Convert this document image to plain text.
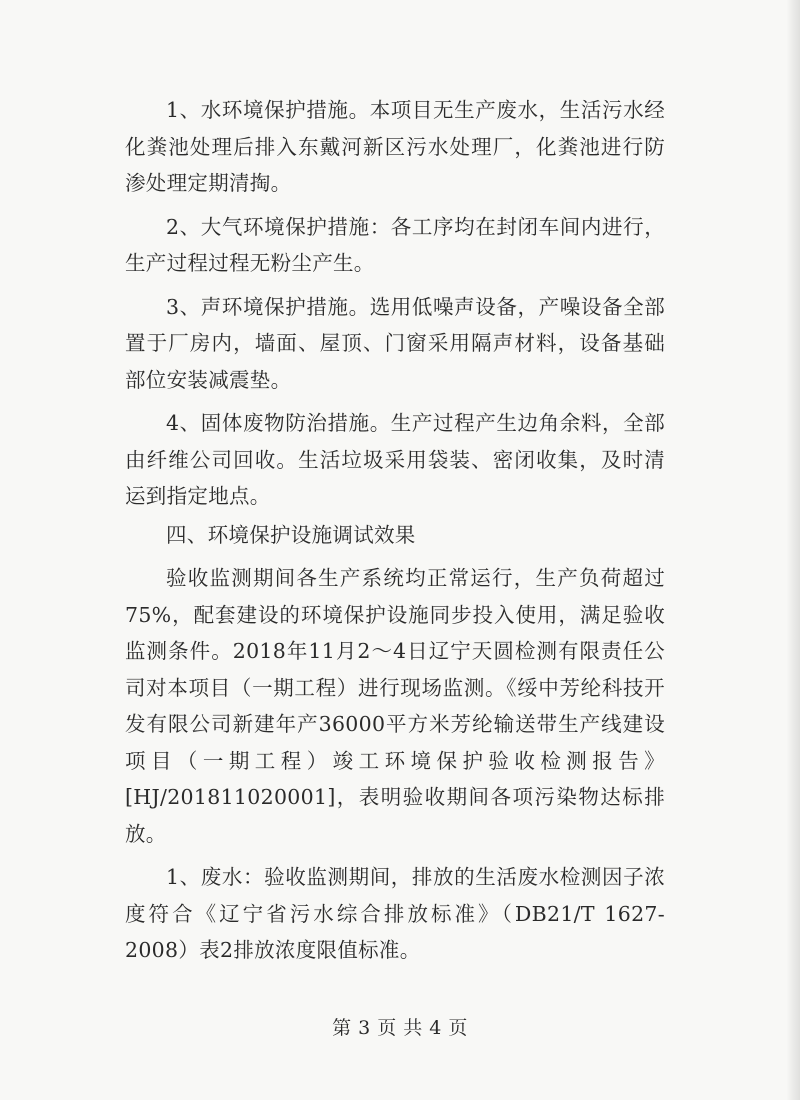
1、水环境保护措施。本项目无生产废水，生活污水经化粪池处理后排入东戴河新区污水处理厂，化粪池进行防渗处理定期清掏。

2、大气环境保护措施：各工序均在封闭车间内进行，生产过程过程无粉尘产生。

3、声环境保护措施。选用低噪声设备，产噪设备全部置于厂房内，墙面、屋顶、门窗采用隔声材料，设备基础部位安装减震垫。

4、固体废物防治措施。生产过程产生边角余料，全部由纤维公司回收。生活垃圾采用袋装、密闭收集，及时清运到指定地点。

四、环境保护设施调试效果

验收监测期间各生产系统均正常运行，生产负荷超过75%，配套建设的环境保护设施同步投入使用，满足验收监测条件。2018年11月2～4日辽宁天圆检测有限责任公司对本项目（一期工程）进行现场监测。《绥中芳纶科技开发有限公司新建年产36000平方米芳纶输送带生产线建设项目（一期工程）竣工环境保护验收检测报告》[HJ/201811020001]，表明验收期间各项污染物达标排放。

1、废水：验收监测期间，排放的生活废水检测因子浓度符合《辽宁省污水综合排放标准》（DB21/T 1627-2008）表2排放浓度限值标准。

第 3 页 共 4 页
